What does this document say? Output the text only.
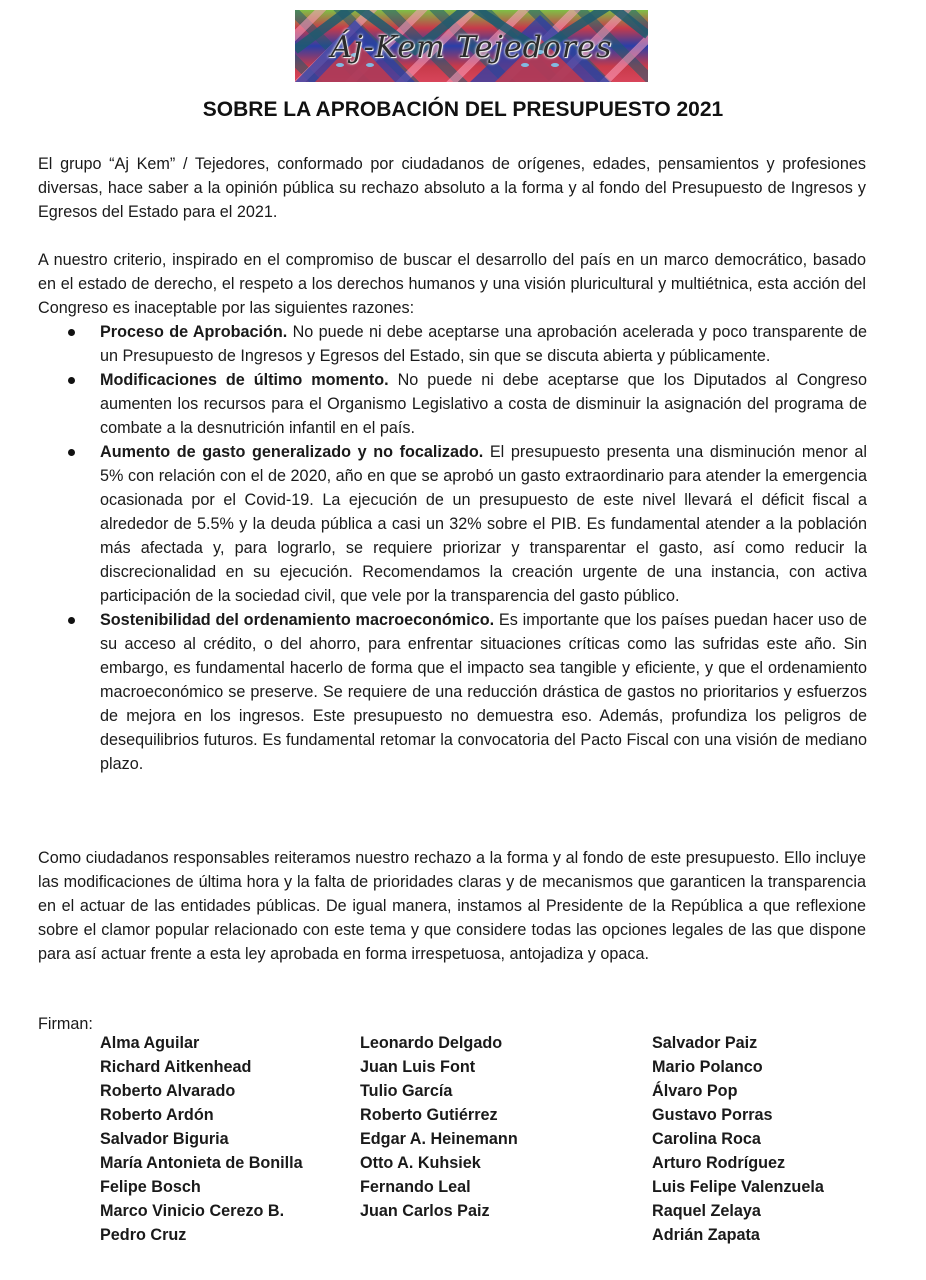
Áj-Kem Tejedores
SOBRE LA APROBACIÓN DEL PRESUPUESTO 2021

El grupo “Aj Kem” / Tejedores, conformado por ciudadanos de orígenes, edades, pensamientos y profesiones diversas, hace saber a la opinión pública su rechazo absoluto a la forma y al fondo del Presupuesto de Ingresos y Egresos del Estado para el 2021.

A nuestro criterio, inspirado en el compromiso de buscar el desarrollo del país en un marco democrático, basado en el estado de derecho, el respeto a los derechos humanos y una visión pluricultural y multiétnica, esta acción del Congreso es inaceptable por las siguientes razones:

Proceso de Aprobación. No puede ni debe aceptarse una aprobación acelerada y poco transparente de un Presupuesto de Ingresos y Egresos del Estado, sin que se discuta abierta y públicamente.
Modificaciones de último momento. No puede ni debe aceptarse que los Diputados al Congreso aumenten los recursos para el Organismo Legislativo a costa de disminuir la asignación del programa de combate a la desnutrición infantil en el país.
Aumento de gasto generalizado y no focalizado. El presupuesto presenta una disminución menor al 5% con relación con el de 2020, año en que se aprobó un gasto extraordinario para atender la emergencia ocasionada por el Covid-19. La ejecución de un presupuesto de este nivel llevará el déficit fiscal a alrededor de 5.5% y la deuda pública a casi un 32% sobre el PIB. Es fundamental atender a la población más afectada y, para lograrlo, se requiere priorizar y transparentar el gasto, así como reducir la discrecionalidad en su ejecución. Recomendamos la creación urgente de una instancia, con activa participación de la sociedad civil, que vele por la transparencia del gasto público.
Sostenibilidad del ordenamiento macroeconómico. Es importante que los países puedan hacer uso de su acceso al crédito, o del ahorro, para enfrentar situaciones críticas como las sufridas este año. Sin embargo, es fundamental hacerlo de forma que el impacto sea tangible y eficiente, y que el ordenamiento macroeconómico se preserve. Se requiere de una reducción drástica de gastos no prioritarios y esfuerzos de mejora en los ingresos. Este presupuesto no demuestra eso. Además, profundiza los peligros de desequilibrios futuros. Es fundamental retomar la convocatoria del Pacto Fiscal con una visión de mediano plazo.

Como ciudadanos responsables reiteramos nuestro rechazo a la forma y al fondo de este presupuesto. Ello incluye las modificaciones de última hora y la falta de prioridades claras y de mecanismos que garanticen la transparencia en el actuar de las entidades públicas. De igual manera, instamos al Presidente de la República a que reflexione sobre el clamor popular relacionado con este tema y que considere todas las opciones legales de las que dispone para así actuar frente a esta ley aprobada en forma irrespetuosa, antojadiza y opaca.

Firman:
Alma Aguilar
Richard Aitkenhead
Roberto Alvarado
Roberto Ardón
Salvador Biguria
María Antonieta de Bonilla
Felipe Bosch
Marco Vinicio Cerezo B.
Pedro Cruz
Leonardo Delgado
Juan Luis Font
Tulio García
Roberto Gutiérrez
Edgar A. Heinemann
Otto A. Kuhsiek
Fernando Leal
Juan Carlos Paiz
Salvador Paiz
Mario Polanco
Álvaro Pop
Gustavo Porras
Carolina Roca
Arturo Rodríguez
Luis Felipe Valenzuela
Raquel Zelaya
Adrián Zapata
